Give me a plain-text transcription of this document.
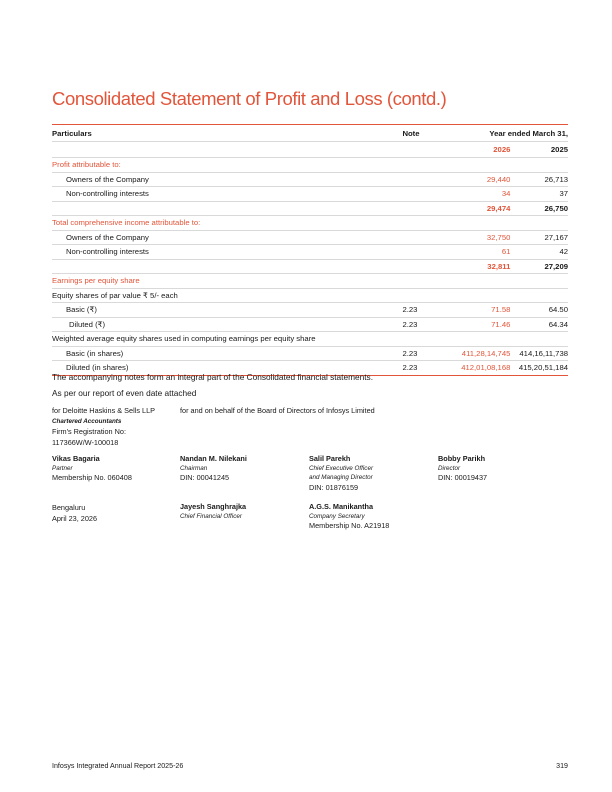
Consolidated Statement of Profit and Loss (contd.)
Particulars	Note	Year ended March 31,	
		2026	2025
Profit attributable to:			
Owners of the Company		29,440	26,713
Non-controlling interests		34	37
		29,474	26,750
Total comprehensive income attributable to:			
Owners of the Company		32,750	27,167
Non-controlling interests		61	42
		32,811	27,209
Earnings per equity share			
Equity shares of par value ₹ 5/- each			
Basic (₹)	2.23	71.58	64.50
Diluted (₹)	2.23	71.46	64.34
Weighted average equity shares used in computing earnings per equity share			
Basic (in shares)	2.23	411,28,14,745	414,16,11,738
Diluted (in shares)	2.23	412,01,08,168	415,20,51,184
The accompanying notes form an integral part of the Consolidated financial statements.
As per our report of even date attached
for Deloitte Haskins & Sells LLP
Chartered Accountants
Firm's Registration No:
117366W/W-100018
for and on behalf of the Board of Directors of Infosys Limited
Vikas Bagaria
Partner
Membership No. 060408
Nandan M. Nilekani
Chairman
DIN: 00041245
Salil Parekh
Chief Executive Officer
and Managing Director
DIN: 01876159
Bobby Parikh
Director
DIN: 00019437
Bengaluru
April 23, 2026
Jayesh Sanghrajka
Chief Financial Officer
A.G.S. Manikantha
Company Secretary
Membership No. A21918
Infosys Integrated Annual Report 2025-26	319
